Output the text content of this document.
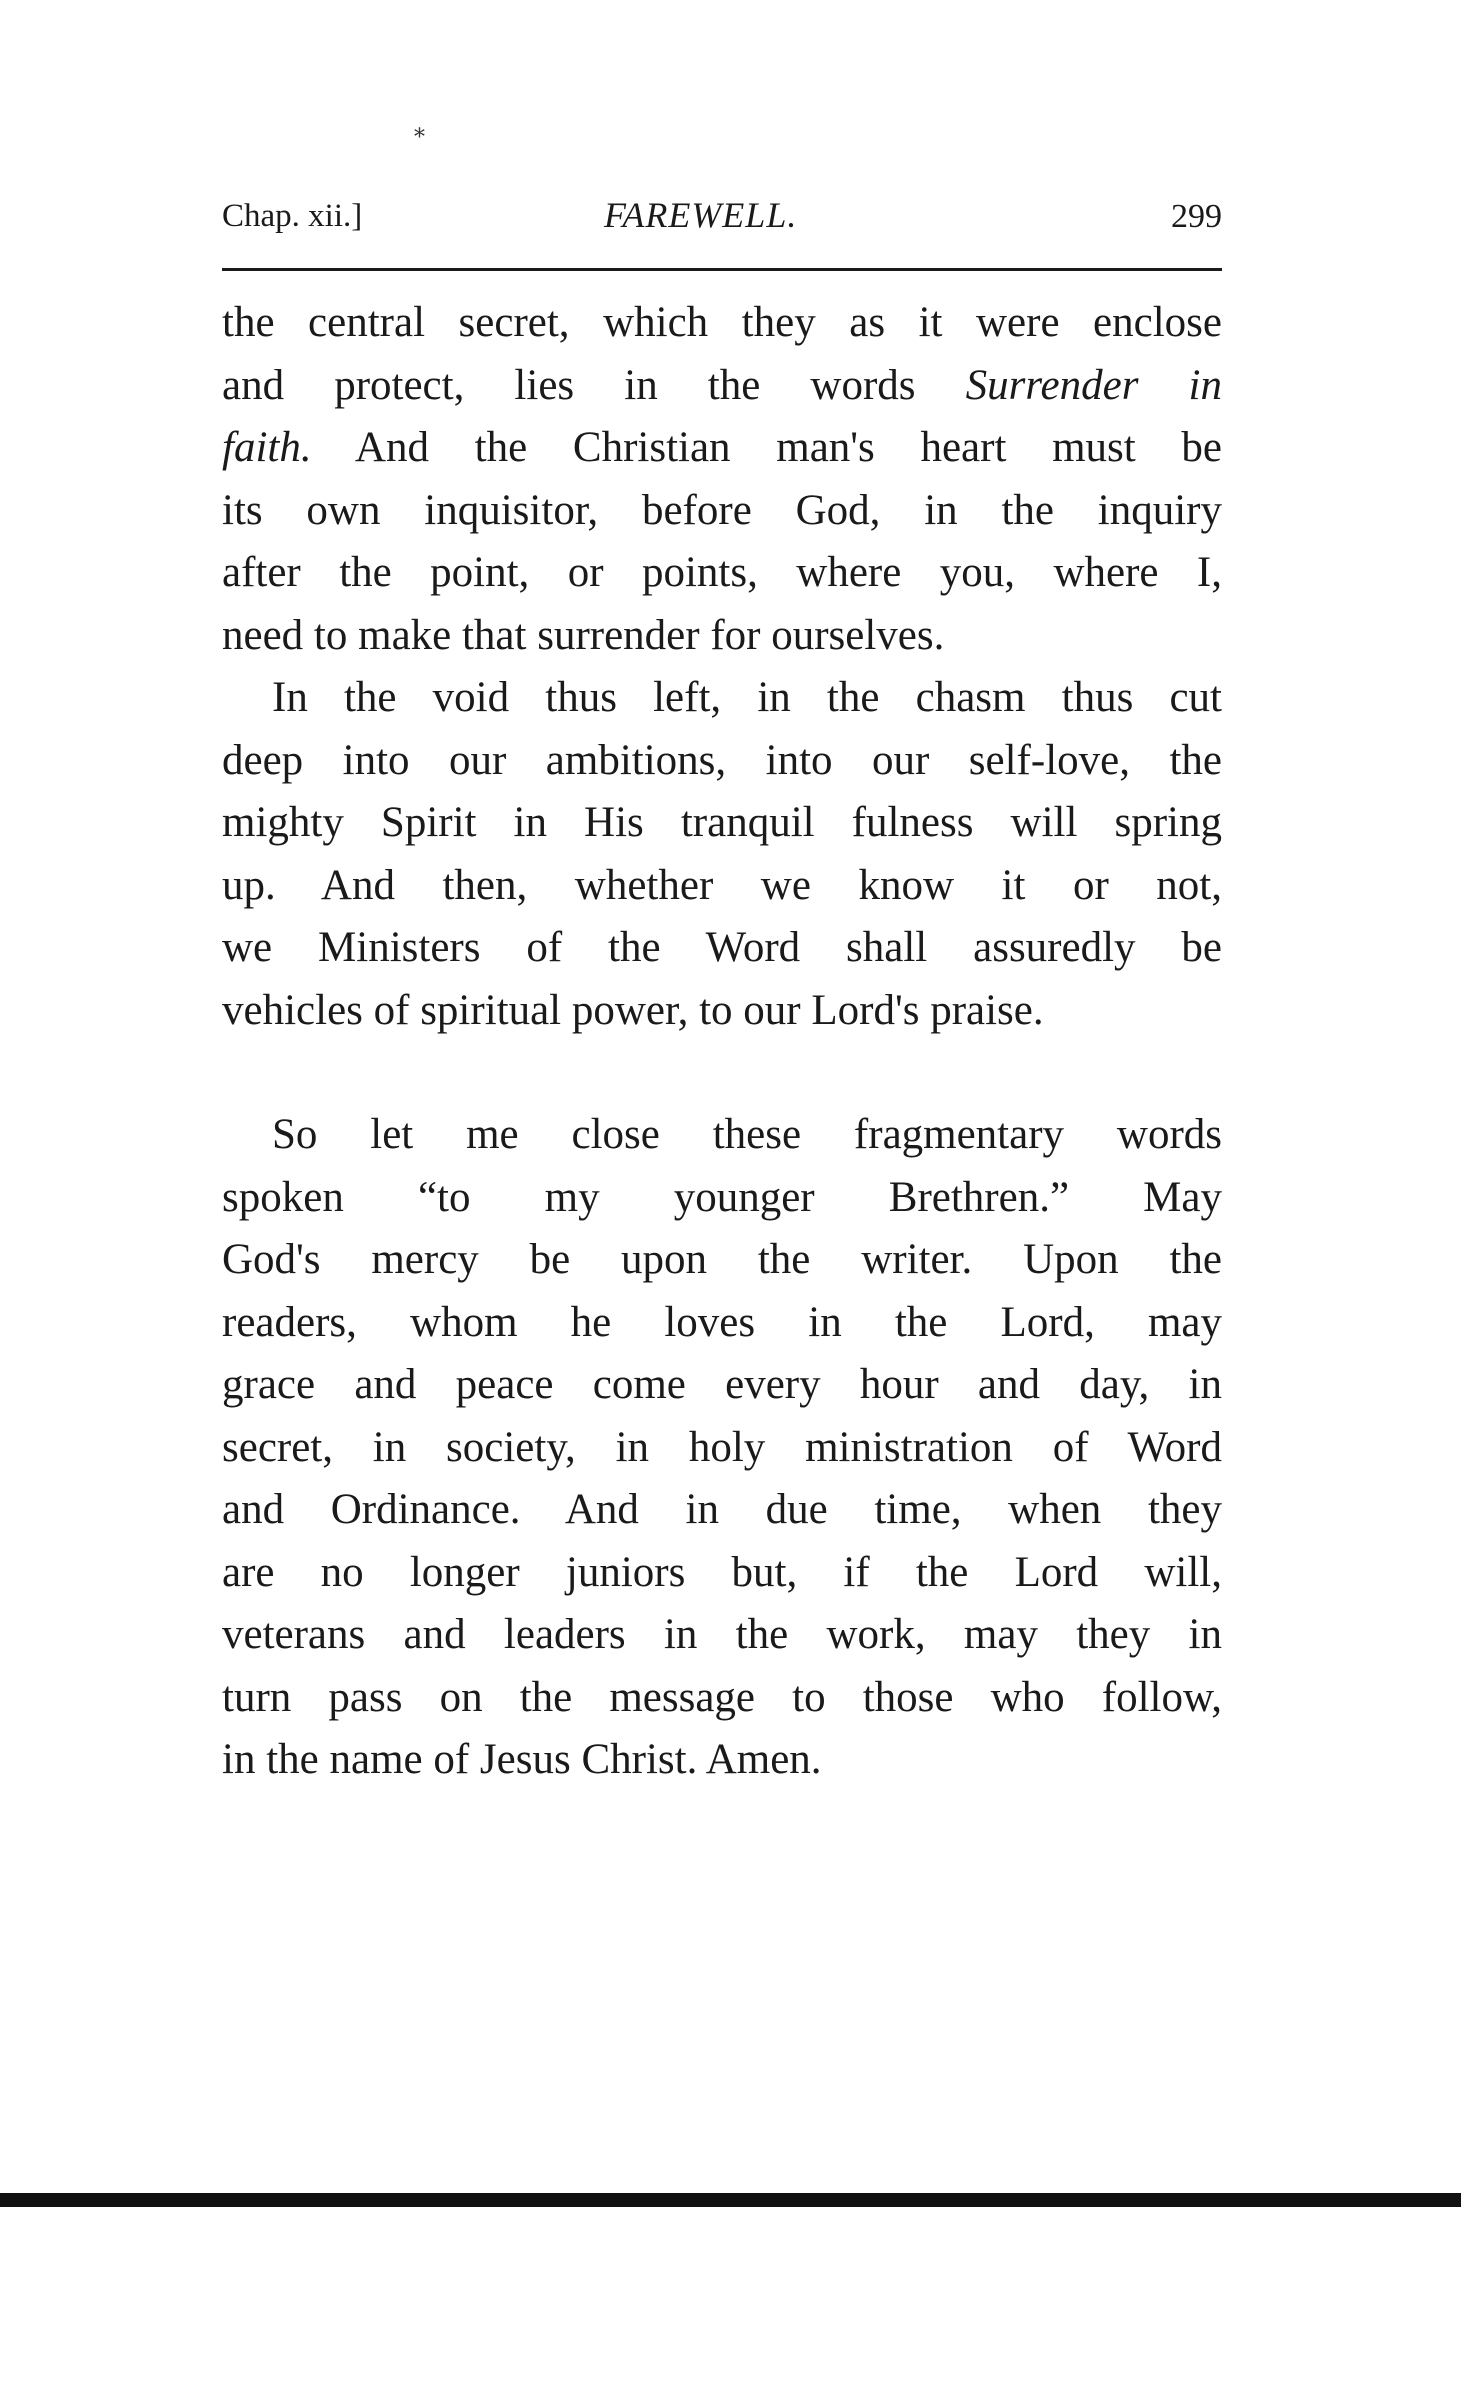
⁎
Chap. xii.]	FAREWELL.	299
the central secret, which they as it were enclose
and protect, lies in the words Surrender in
faith. And the Christian man's heart must be
its own inquisitor, before God, in the inquiry
after the point, or points, where you, where I,
need to make that surrender for ourselves.
In the void thus left, in the chasm thus cut
deep into our ambitions, into our self-love, the
mighty Spirit in His tranquil fulness will spring
up. And then, whether we know it or not,
we Ministers of the Word shall assuredly be
vehicles of spiritual power, to our Lord's praise.
So let me close these fragmentary words
spoken “to my younger Brethren.” May
God's mercy be upon the writer. Upon the
readers, whom he loves in the Lord, may
grace and peace come every hour and day, in
secret, in society, in holy ministration of Word
and Ordinance. And in due time, when they
are no longer juniors but, if the Lord will,
veterans and leaders in the work, may they in
turn pass on the message to those who follow,
in the name of Jesus Christ. Amen.
